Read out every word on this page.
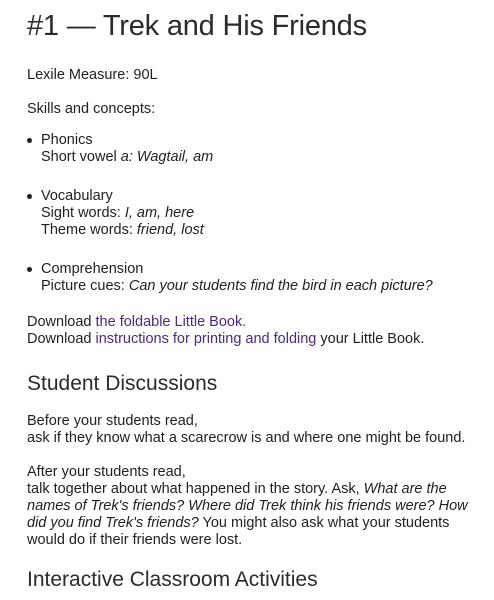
#1 — Trek and His Friends

Lexile Measure: 90L

Skills and concepts:

Phonics
Short vowel a: Wagtail, am
Vocabulary
Sight words: I, am, here
Theme words: friend, lost
Comprehension
Picture cues: Can your students find the bird in each picture?

Download the foldable Little Book.

Download instructions for printing and folding your Little Book.

Student Discussions

Before your students read,

ask if they know what a scarecrow is and where one might be found.

After your students read,

talk together about what happened in the story. Ask, What are the names of Trek's friends? Where did Trek think his friends were? How did you find Trek's friends? You might also ask what your students would do if their friends were lost.

Interactive Classroom Activities
